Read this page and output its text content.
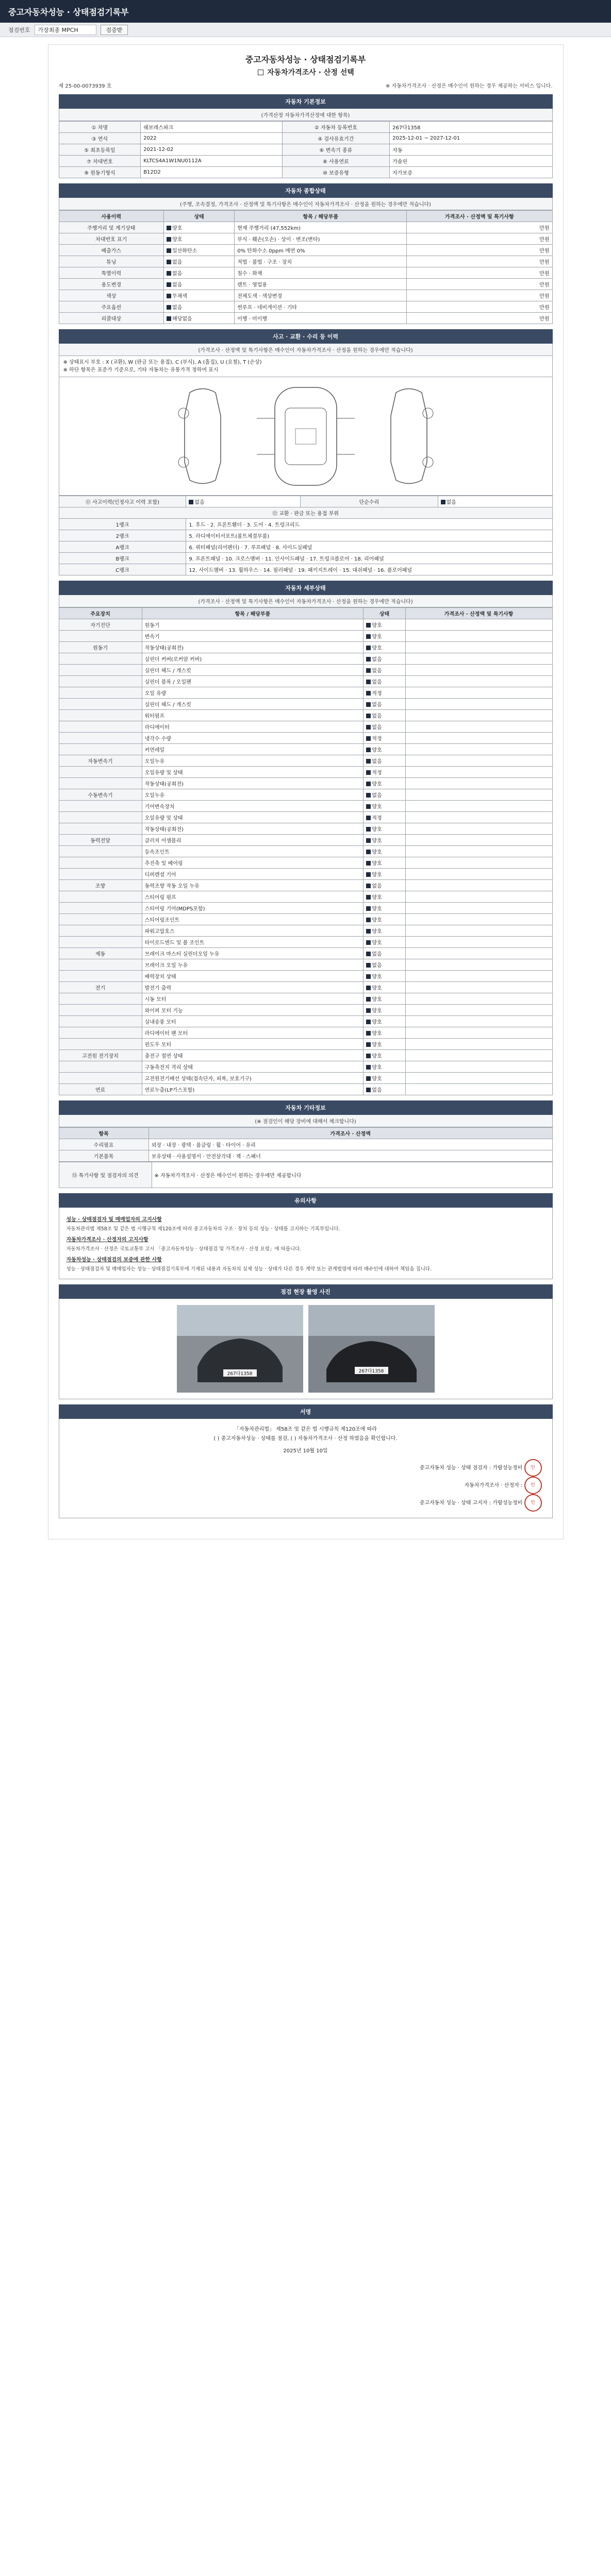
중고자동차성능 · 상태점검기록부
점검번호	가장최종 MPCH	검증받
중고자동차성능 · 상태점검기록부
자동차가격조사 · 산정 선택
제 25-00-0073939 호	※ 자동차가격조사 · 산정은 매수인이 원하는 경우 제공하는 서비스 입니다.
자동차 기본정보
(가격산정 자동차가격산정에 대한 항목)
① 차명	쉐보레스파크	② 자동차 등록번호	267다1358
③ 연식	2022	④ 검사유효기간	2025-12-01 ~ 2027-12-01
⑤ 최초등록일	2021-12-02	⑥ 변속기 종류	자동
⑦ 차대번호	KLTCS4A1W1NU0112A	⑧ 사용연료	가솔린
⑨ 원동기형식	B12D2	⑩ 보증유형	자가보증
자동차 종합상태
(주행, 조속결정, 가격조사 · 산정액 및 특기사항은 매수인이 자동차가격조사 · 산정을 원하는 경우에만 적습니다)
사용이력	상태	항목 / 해당부품	가격조사 · 산정액 및 특기사항
주행거리 및 계기상태	양호	현재 주행거리 (47,552km)	만원
차대번호 표기	양호	부식 · 훼손(오손) · 상이 · 변조(변타)	만원
배출가스	일산화탄소	0% 탄화수소 0ppm 매연 0%	만원
튜닝	없음	적법 · 불법 · 구조 · 장치	만원
특별이력	없음	침수 · 화재	만원
용도변경	없음	렌트 · 영업용	만원
색상	무채색	전체도색 · 색상변경	만원
주요옵션	없음	썬루프 · 네비게이션 · 기타	만원
리콜대상	해당없음	이행 · 미이행	만원
사고 · 교환 · 수리 등 이력
(가격조사 · 산정액 및 특기사항은 매수인이 자동차가격조사 · 산정을 원하는 경우에만 적습니다)
※ 상태표시 부호 : X (교환), W (판금 또는 용접), C (부식), A (흠집), U (요철), T (손상)
※ 하단 항목은 표준가 기준으로, 기타 자동차는 유통가격 정하여 표시
⑪ 사고이력(인정사고 이력 포함)	없음	단순수리	없음
⑫ 교환 · 판금 또는 용접 부위			
1랭크	1. 후드 · 2. 프론트휀더 · 3. 도어 · 4. 트렁크리드		
2랭크	5. 라디에이터서포트(볼트체결부품)		
A랭크	6. 쿼터패널(리어펜더) · 7. 루프패널 · 8. 사이드실패널		
B랭크	9. 프론트패널 · 10. 크로스멤버 · 11. 인사이드패널 · 17. 트렁크플로어 · 18. 리어패널		
C랭크	12. 사이드멤버 · 13. 휠하우스 · 14. 필러패널 · 19. 패키지트레이 · 15. 대쉬패널 · 16. 플로어패널		
자동차 세부상태
(가격조사 · 산정액 및 특기사항은 매수인이 자동차가격조사 · 산정을 원하는 경우에만 적습니다)
주요장치	항목 / 해당부품	상태	가격조사 · 산정액 및 특기사항
자기진단	원동기	양호	
	변속기	양호	
원동기	작동상태(공회전)	양호	
	실린더 커버(로커암 커버)	없음	
	실린더 헤드 / 개스킷	없음	
	실린더 블록 / 오일팬	없음	
	오일 유량	적정	
	실린더 헤드 / 개스킷	없음	
	워터펌프	없음	
	라디에이터	없음	
	냉각수 수량	적정	
	커먼레일	양호	
자동변속기	오일누유	없음	
	오일유량 및 상태	적정	
	작동상태(공회전)	양호	
수동변속기	오일누유	없음	
	기어변속장치	양호	
	오일유량 및 상태	적정	
	작동상태(공회전)	양호	
동력전달	클러치 어셈블리	양호	
	등속조인트	양호	
	추진축 및 베어링	양호	
	디퍼렌셜 기어	양호	
조향	동력조향 작동 오일 누유	없음	
	스티어링 펌프	양호	
	스티어링 기어(MDPS포함)	양호	
	스티어링조인트	양호	
	파워고압호스	양호	
	타이로드엔드 및 볼 조인트	양호	
제동	브레이크 마스터 실린더오일 누유	없음	
	브레이크 오일 누유	없음	
	배력장치 상태	양호	
전기	발전기 출력	양호	
	시동 모터	양호	
	와이퍼 모터 기능	양호	
	실내송풍 모터	양호	
	라디에이터 팬 모터	양호	
	윈도우 모터	양호	
고전원 전기장치	충전구 절연 상태	양호	
	구동축전지 격리 상태	양호	
	고전원전기배선 상태(접속단자, 피복, 보호기구)	양호	
연료	연료누출(LP가스포함)	없음	
자동차 기타정보
(※ 점검인이 해당 장비에 대해서 체크합니다)
항목	가격조사 · 산정액
수리필요	외장 · 내장 · 광택 · 룸클링 · 휠 · 타이어 · 유리
기본품목	보유상태 · 사용설명서 · 안전삼각대 · 잭 · 스패너
⑬ 특기사항 및 점검자의 의견	※ 자동차가격조사 · 산정은 매수인이 원하는 경우에만 제공합니다
유의사항
성능 · 상태점검자 및 매매업자의 고지사항

자동차관리법 제58조 및 같은 법 시행규칙 제120조에 따라 중고자동차의 구조 · 장치 등의 성능 · 상태를 고지하는 기록부입니다.

자동차가격조사 · 산정자의 고지사항

자동차가격조사 · 산정은 국토교통부 고시 「중고자동차성능 · 상태점검 및 가격조사 · 산정 요령」에 따릅니다.

자동차성능 · 상태점검의 보증에 관한 사항

성능 · 상태점검자 및 매매업자는 성능 · 상태점검기록부에 기재된 내용과 자동차의 실제 성능 · 상태가 다른 경우 계약 또는 관계법령에 따라 매수인에 대하여 책임을 집니다.

점검 현장 촬영 사진
267다1358	267다1358
서명
「자동차관리법」 제58조 및 같은 법 시행규칙 제120조에 따라
( ) 중고자동차성능 · 상태를 점검, ( ) 자동차가격조사 · 산정 하였음을 확인합니다.
2025년 10월 10일
중고자동차 성능 · 상태 점검자 : 가람성능정비 인
자동차가격조사 · 산정자 : 인
중고자동차 성능 · 상태 고지자 : 가람성능정비 인
